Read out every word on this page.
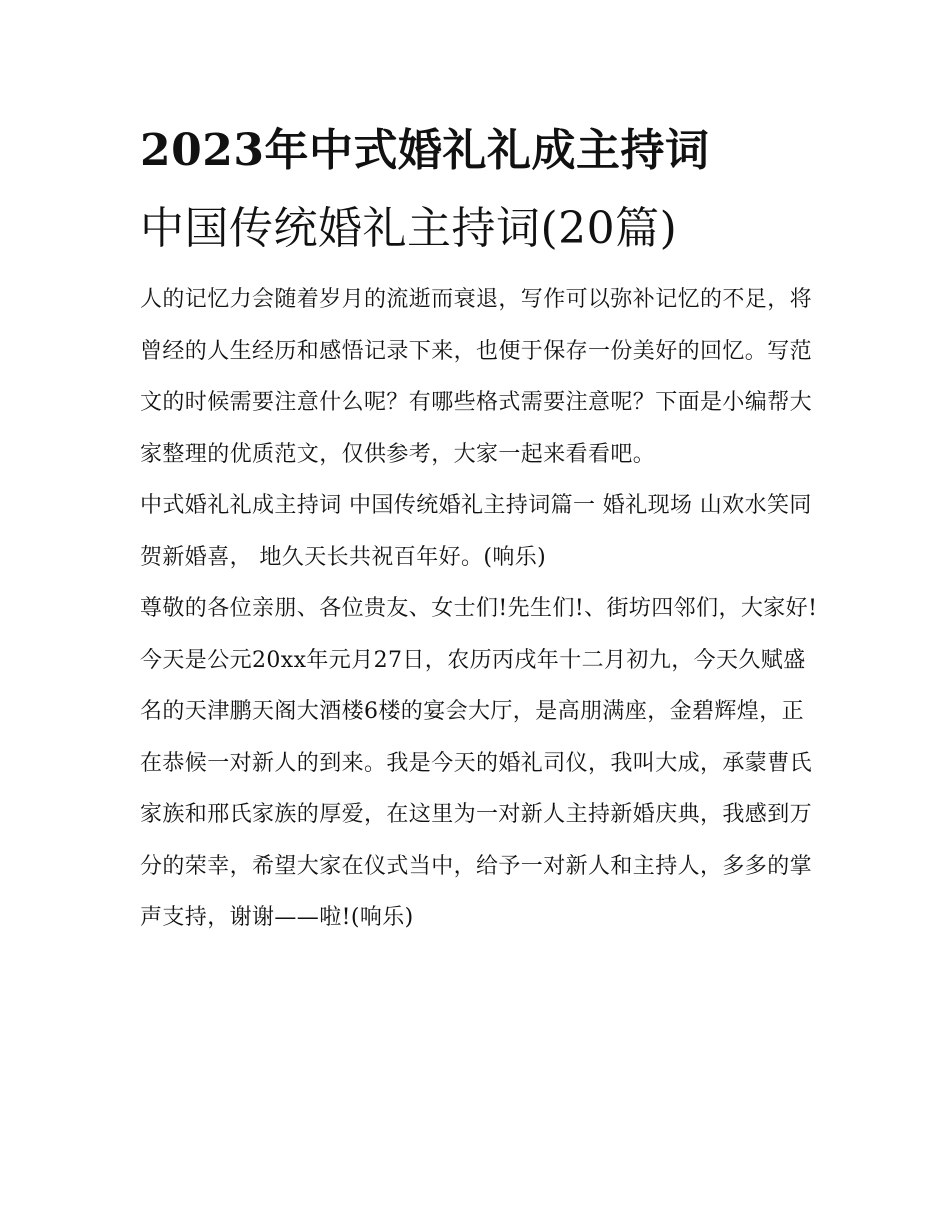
2023年中式婚礼礼成主持词
中国传统婚礼主持词(20篇)

人的记忆力会随着岁月的流逝而衰退，写作可以弥补记忆的不足，将曾经的人生经历和感悟记录下来，也便于保存一份美好的回忆。写范文的时候需要注意什么呢？有哪些格式需要注意呢？下面是小编帮大家整理的优质范文，仅供参考，大家一起来看看吧。

中式婚礼礼成主持词 中国传统婚礼主持词篇一 婚礼现场 山欢水笑同贺新婚喜， 地久天长共祝百年好。(响乐)

尊敬的各位亲朋、各位贵友、女士们!先生们!、街坊四邻们，大家好!

今天是公元20xx年元月27日，农历丙戌年十二月初九，今天久赋盛名的天津鹏天阁大酒楼6楼的宴会大厅，是高朋满座，金碧辉煌，正在恭候一对新人的到来。我是今天的婚礼司仪，我叫大成，承蒙曹氏家族和邢氏家族的厚爱，在这里为一对新人主持新婚庆典，我感到万分的荣幸，希望大家在仪式当中，给予一对新人和主持人，多多的掌声支持，谢谢——啦!(响乐)
